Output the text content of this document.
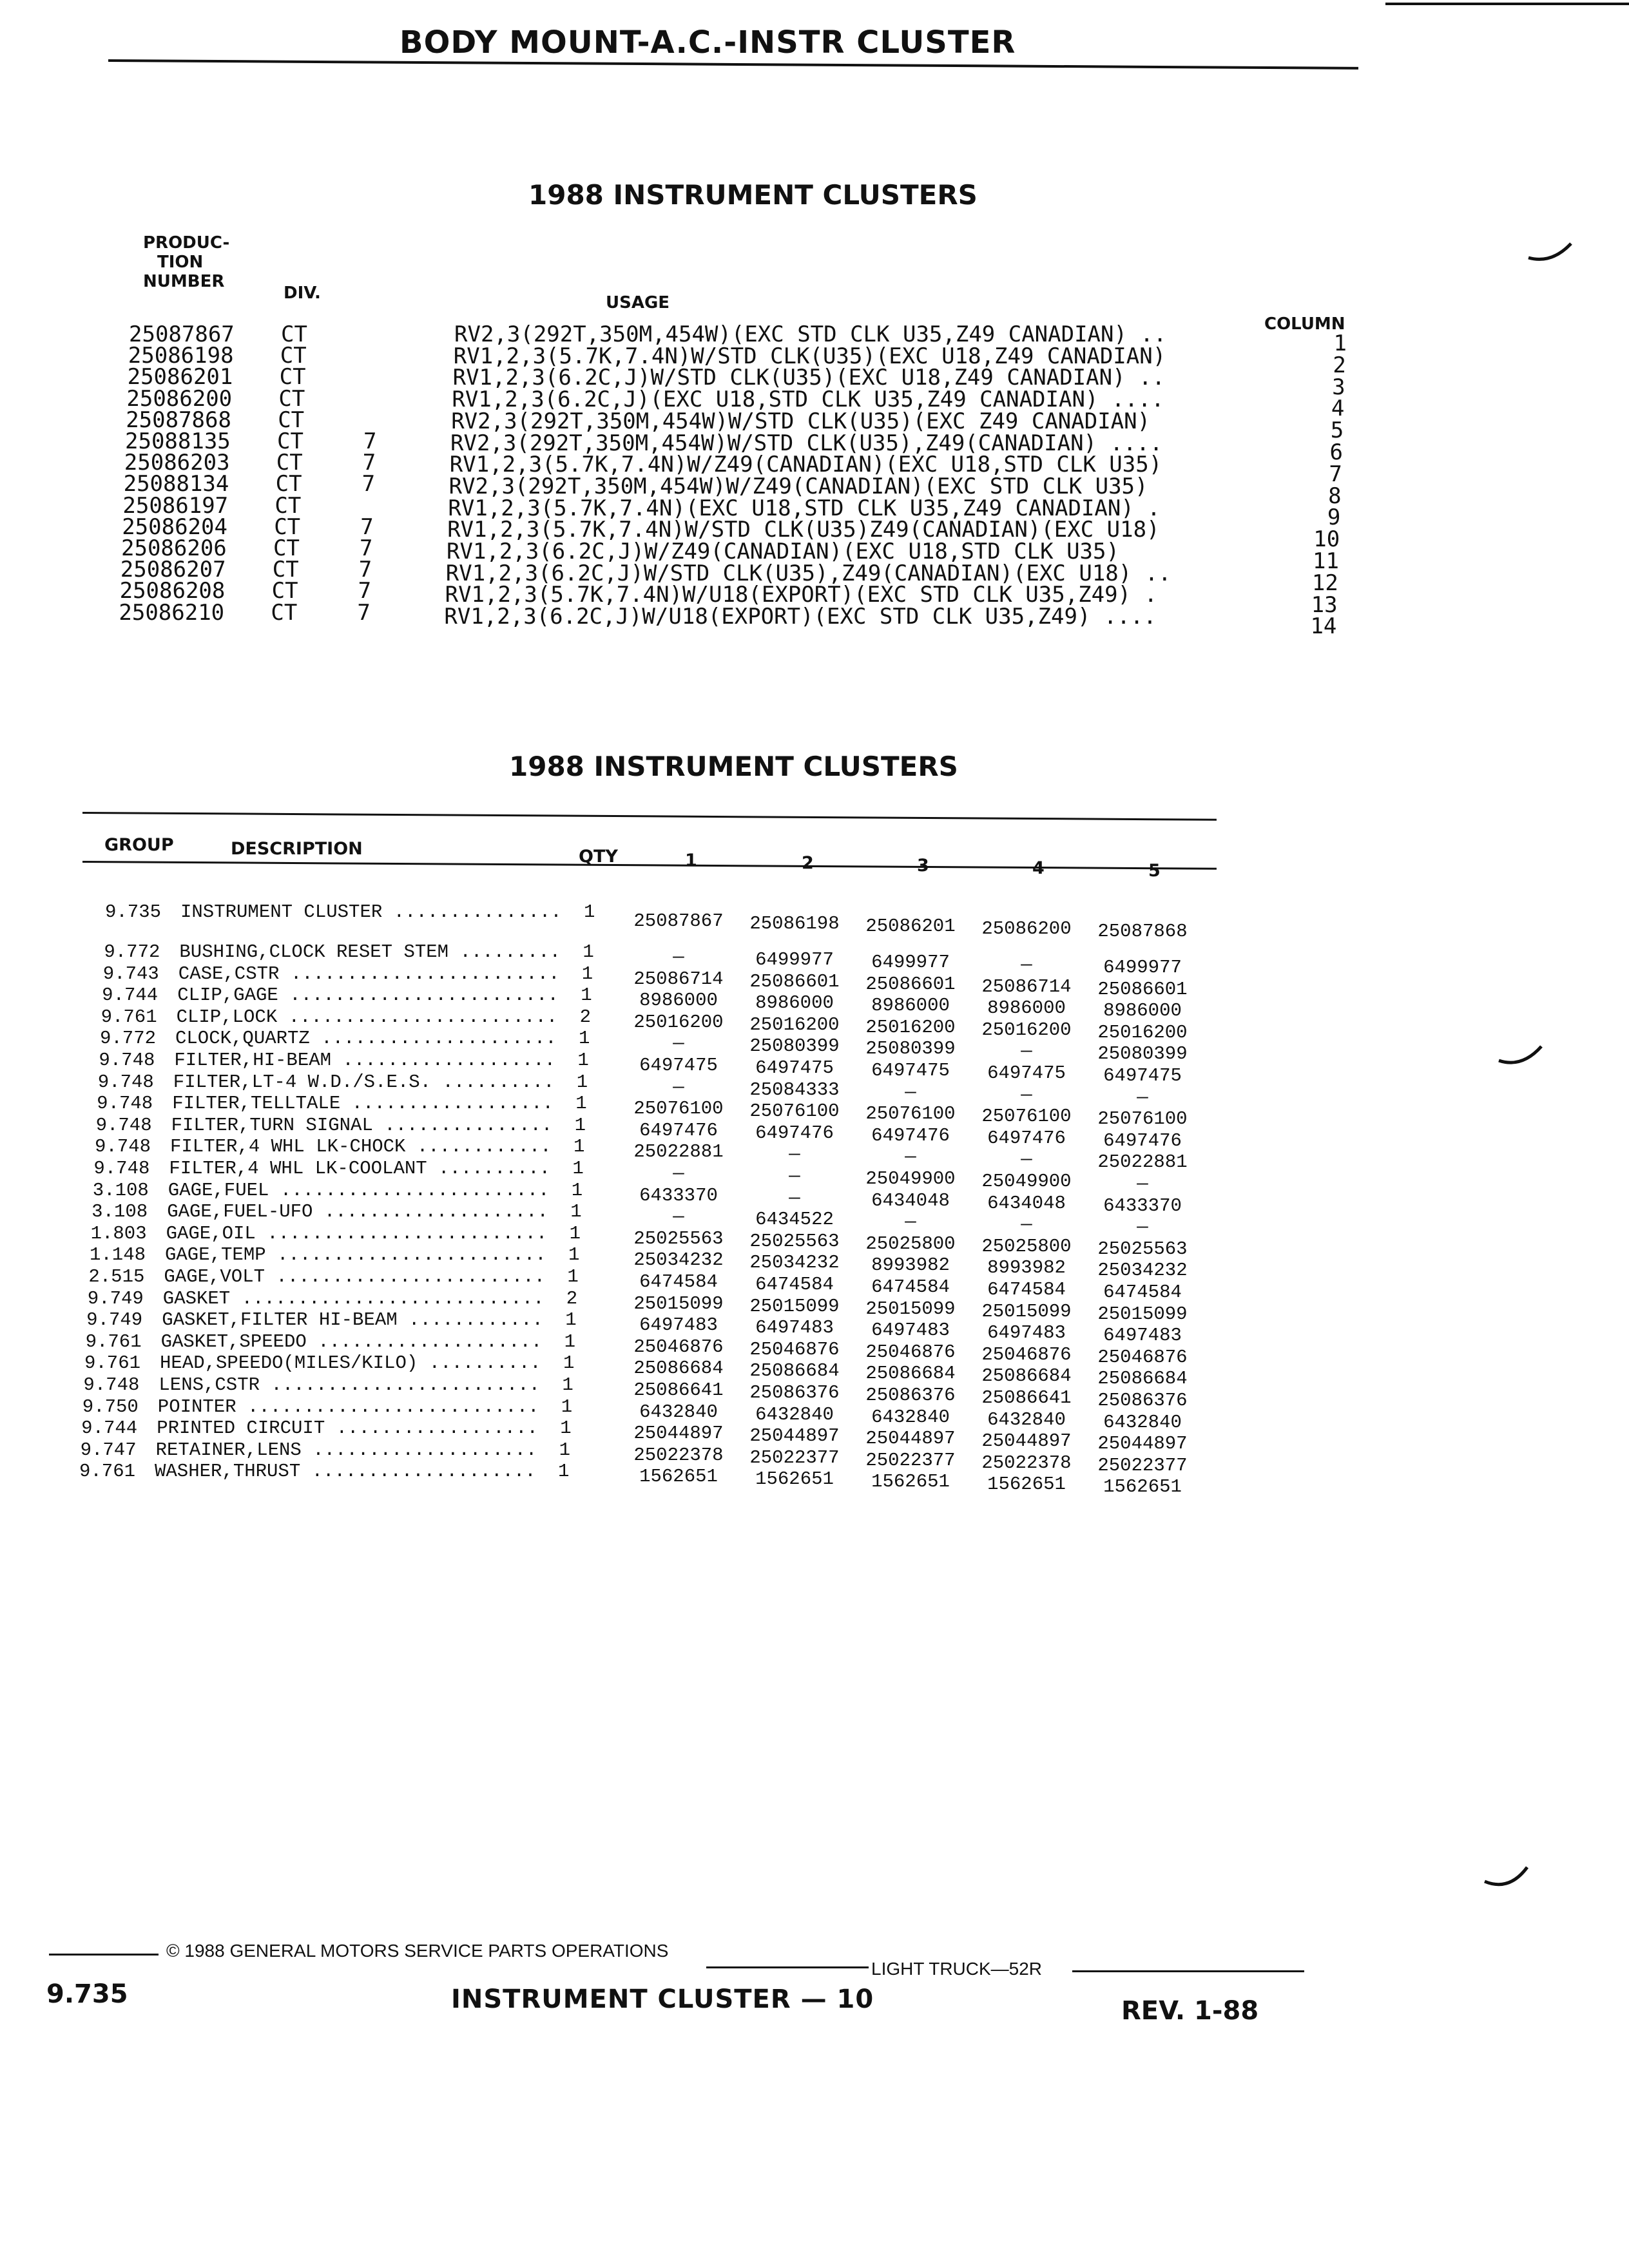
BODY MOUNT-A.C.-INSTR CLUSTER
1988 INSTRUMENT CLUSTERS
PRODUC-
TION
NUMBER
DIV.	USAGE
COLUMN
25087867 CT	RV2,3(292T,350M,454W)(EXC STD CLK U35,Z49 CANADIAN) ..	1
25086198 CT	RV1,2,3(5.7K,7.4N)W/STD CLK(U35)(EXC U18,Z49 CANADIAN)	2
25086201 CT	RV1,2,3(6.2C,J)W/STD CLK(U35)(EXC U18,Z49 CANADIAN) ..	3
25086200 CT	RV1,2,3(6.2C,J)(EXC U18,STD CLK U35,Z49 CANADIAN) ....	4
25087868 CT	RV2,3(292T,350M,454W)W/STD CLK(U35)(EXC Z49 CANADIAN)	5
25088135 CT	7	RV2,3(292T,350M,454W)W/STD CLK(U35),Z49(CANADIAN) ....	6
25086203 CT	7	RV1,2,3(5.7K,7.4N)W/Z49(CANADIAN)(EXC U18,STD CLK U35)	7
25088134 CT	7	RV2,3(292T,350M,454W)W/Z49(CANADIAN)(EXC STD CLK U35)	8
25086197 CT	RV1,2,3(5.7K,7.4N)(EXC U18,STD CLK U35,Z49 CANADIAN) .	9
25086204 CT	7	RV1,2,3(5.7K,7.4N)W/STD CLK(U35)Z49(CANADIAN)(EXC U18)	10
25086206 CT	7	RV1,2,3(6.2C,J)W/Z49(CANADIAN)(EXC U18,STD CLK U35)	11
25086207 CT	7	RV1,2,3(6.2C,J)W/STD CLK(U35),Z49(CANADIAN)(EXC U18) ..	12
25086208 CT	7	RV1,2,3(5.7K,7.4N)W/U18(EXPORT)(EXC STD CLK U35,Z49) .	13
25086210 CT	7	RV1,2,3(6.2C,J)W/U18(EXPORT)(EXC STD CLK U35,Z49) ....	14
1988 INSTRUMENT CLUSTERS
GROUP	DESCRIPTION	QTY	1	2	3	4	5
9.735 INSTRUMENT CLUSTER ...............	1	25087867	25086198	25086201	25086200	25087868
9.772 BUSHING,CLOCK RESET STEM .........	1	—	6499977	6499977	—	6499977
9.743 CASE,CSTR ........................	1	25086714	25086601	25086601	25086714	25086601
9.744 CLIP,GAGE ........................	1	8986000	8986000	8986000	8986000	8986000
9.761 CLIP,LOCK ........................	2	25016200	25016200	25016200	25016200	25016200
9.772 CLOCK,QUARTZ .....................	1	—	25080399	25080399	—	25080399
9.748 FILTER,HI-BEAM ...................	1	6497475	6497475	6497475	6497475	6497475
9.748 FILTER,LT-4 W.D./S.E.S. ..........	1	—	25084333	—	—	—
9.748 FILTER,TELLTALE ..................	1	25076100	25076100	25076100	25076100	25076100
9.748 FILTER,TURN SIGNAL ...............	1	6497476	6497476	6497476	6497476	6497476
9.748 FILTER,4 WHL LK-CHOCK ............	1	25022881	—	—	—	25022881
9.748 FILTER,4 WHL LK-COOLANT ..........	1	—	—	25049900	25049900	—
3.108 GAGE,FUEL ........................	1	6433370	—	6434048	6434048	6433370
3.108 GAGE,FUEL-UFO ....................	1	—	6434522	—	—	—
1.803 GAGE,OIL .........................	1	25025563	25025563	25025800	25025800	25025563
1.148 GAGE,TEMP ........................	1	25034232	25034232	8993982	8993982	25034232
2.515 GAGE,VOLT ........................	1	6474584	6474584	6474584	6474584	6474584
9.749 GASKET ...........................	2	25015099	25015099	25015099	25015099	25015099
9.749 GASKET,FILTER HI-BEAM ............	1	6497483	6497483	6497483	6497483	6497483
9.761 GASKET,SPEEDO ....................	1	25046876	25046876	25046876	25046876	25046876
9.761 HEAD,SPEEDO(MILES/KILO) ..........	1	25086684	25086684	25086684	25086684	25086684
9.748 LENS,CSTR ........................	1	25086641	25086376	25086376	25086641	25086376
9.750 POINTER ..........................	1	6432840	6432840	6432840	6432840	6432840
9.744 PRINTED CIRCUIT ..................	1	25044897	25044897	25044897	25044897	25044897
9.747 RETAINER,LENS ....................	1	25022378	25022377	25022377	25022378	25022377
9.761 WASHER,THRUST ....................	1	1562651	1562651	1562651	1562651	1562651
© 1988 GENERAL MOTORS SERVICE PARTS OPERATIONS
LIGHT TRUCK—52R
9.735	INSTRUMENT CLUSTER — 10	REV. 1-88
